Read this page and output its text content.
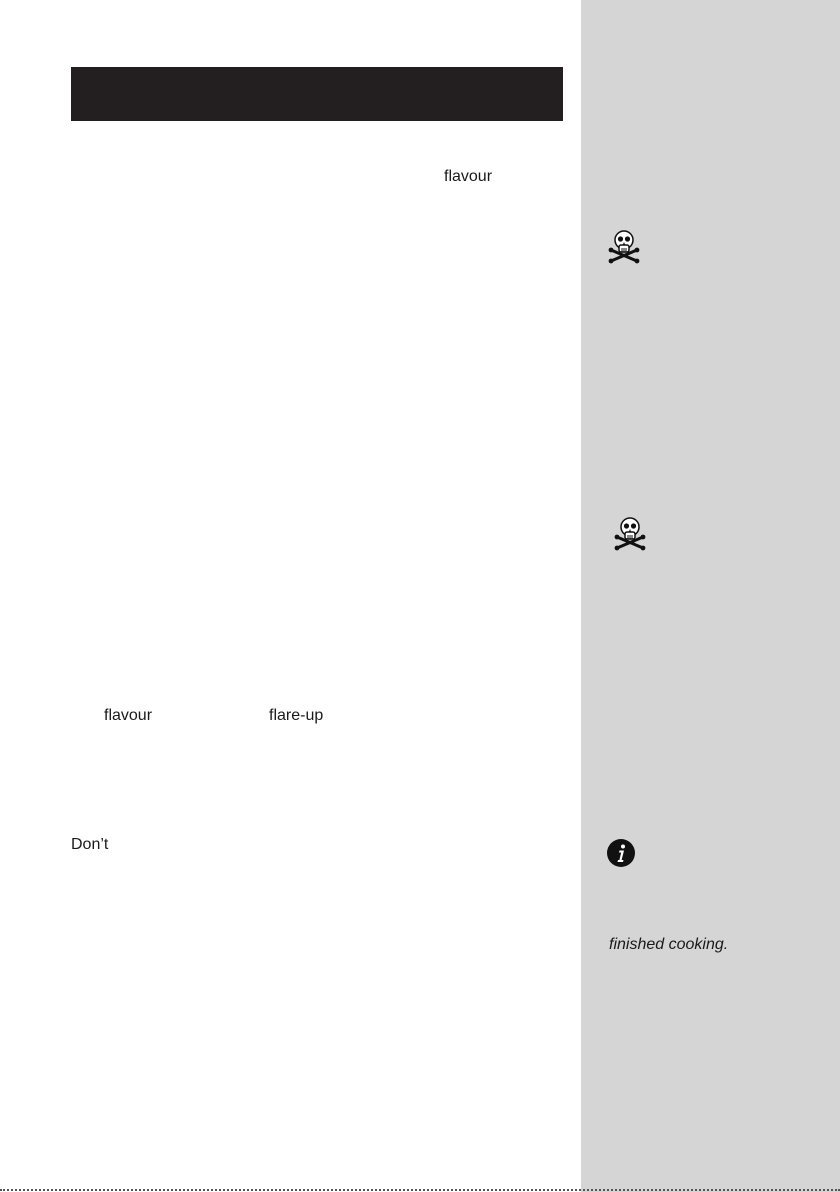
flavour
flavour	flare-up
Don’t
finished cooking.
